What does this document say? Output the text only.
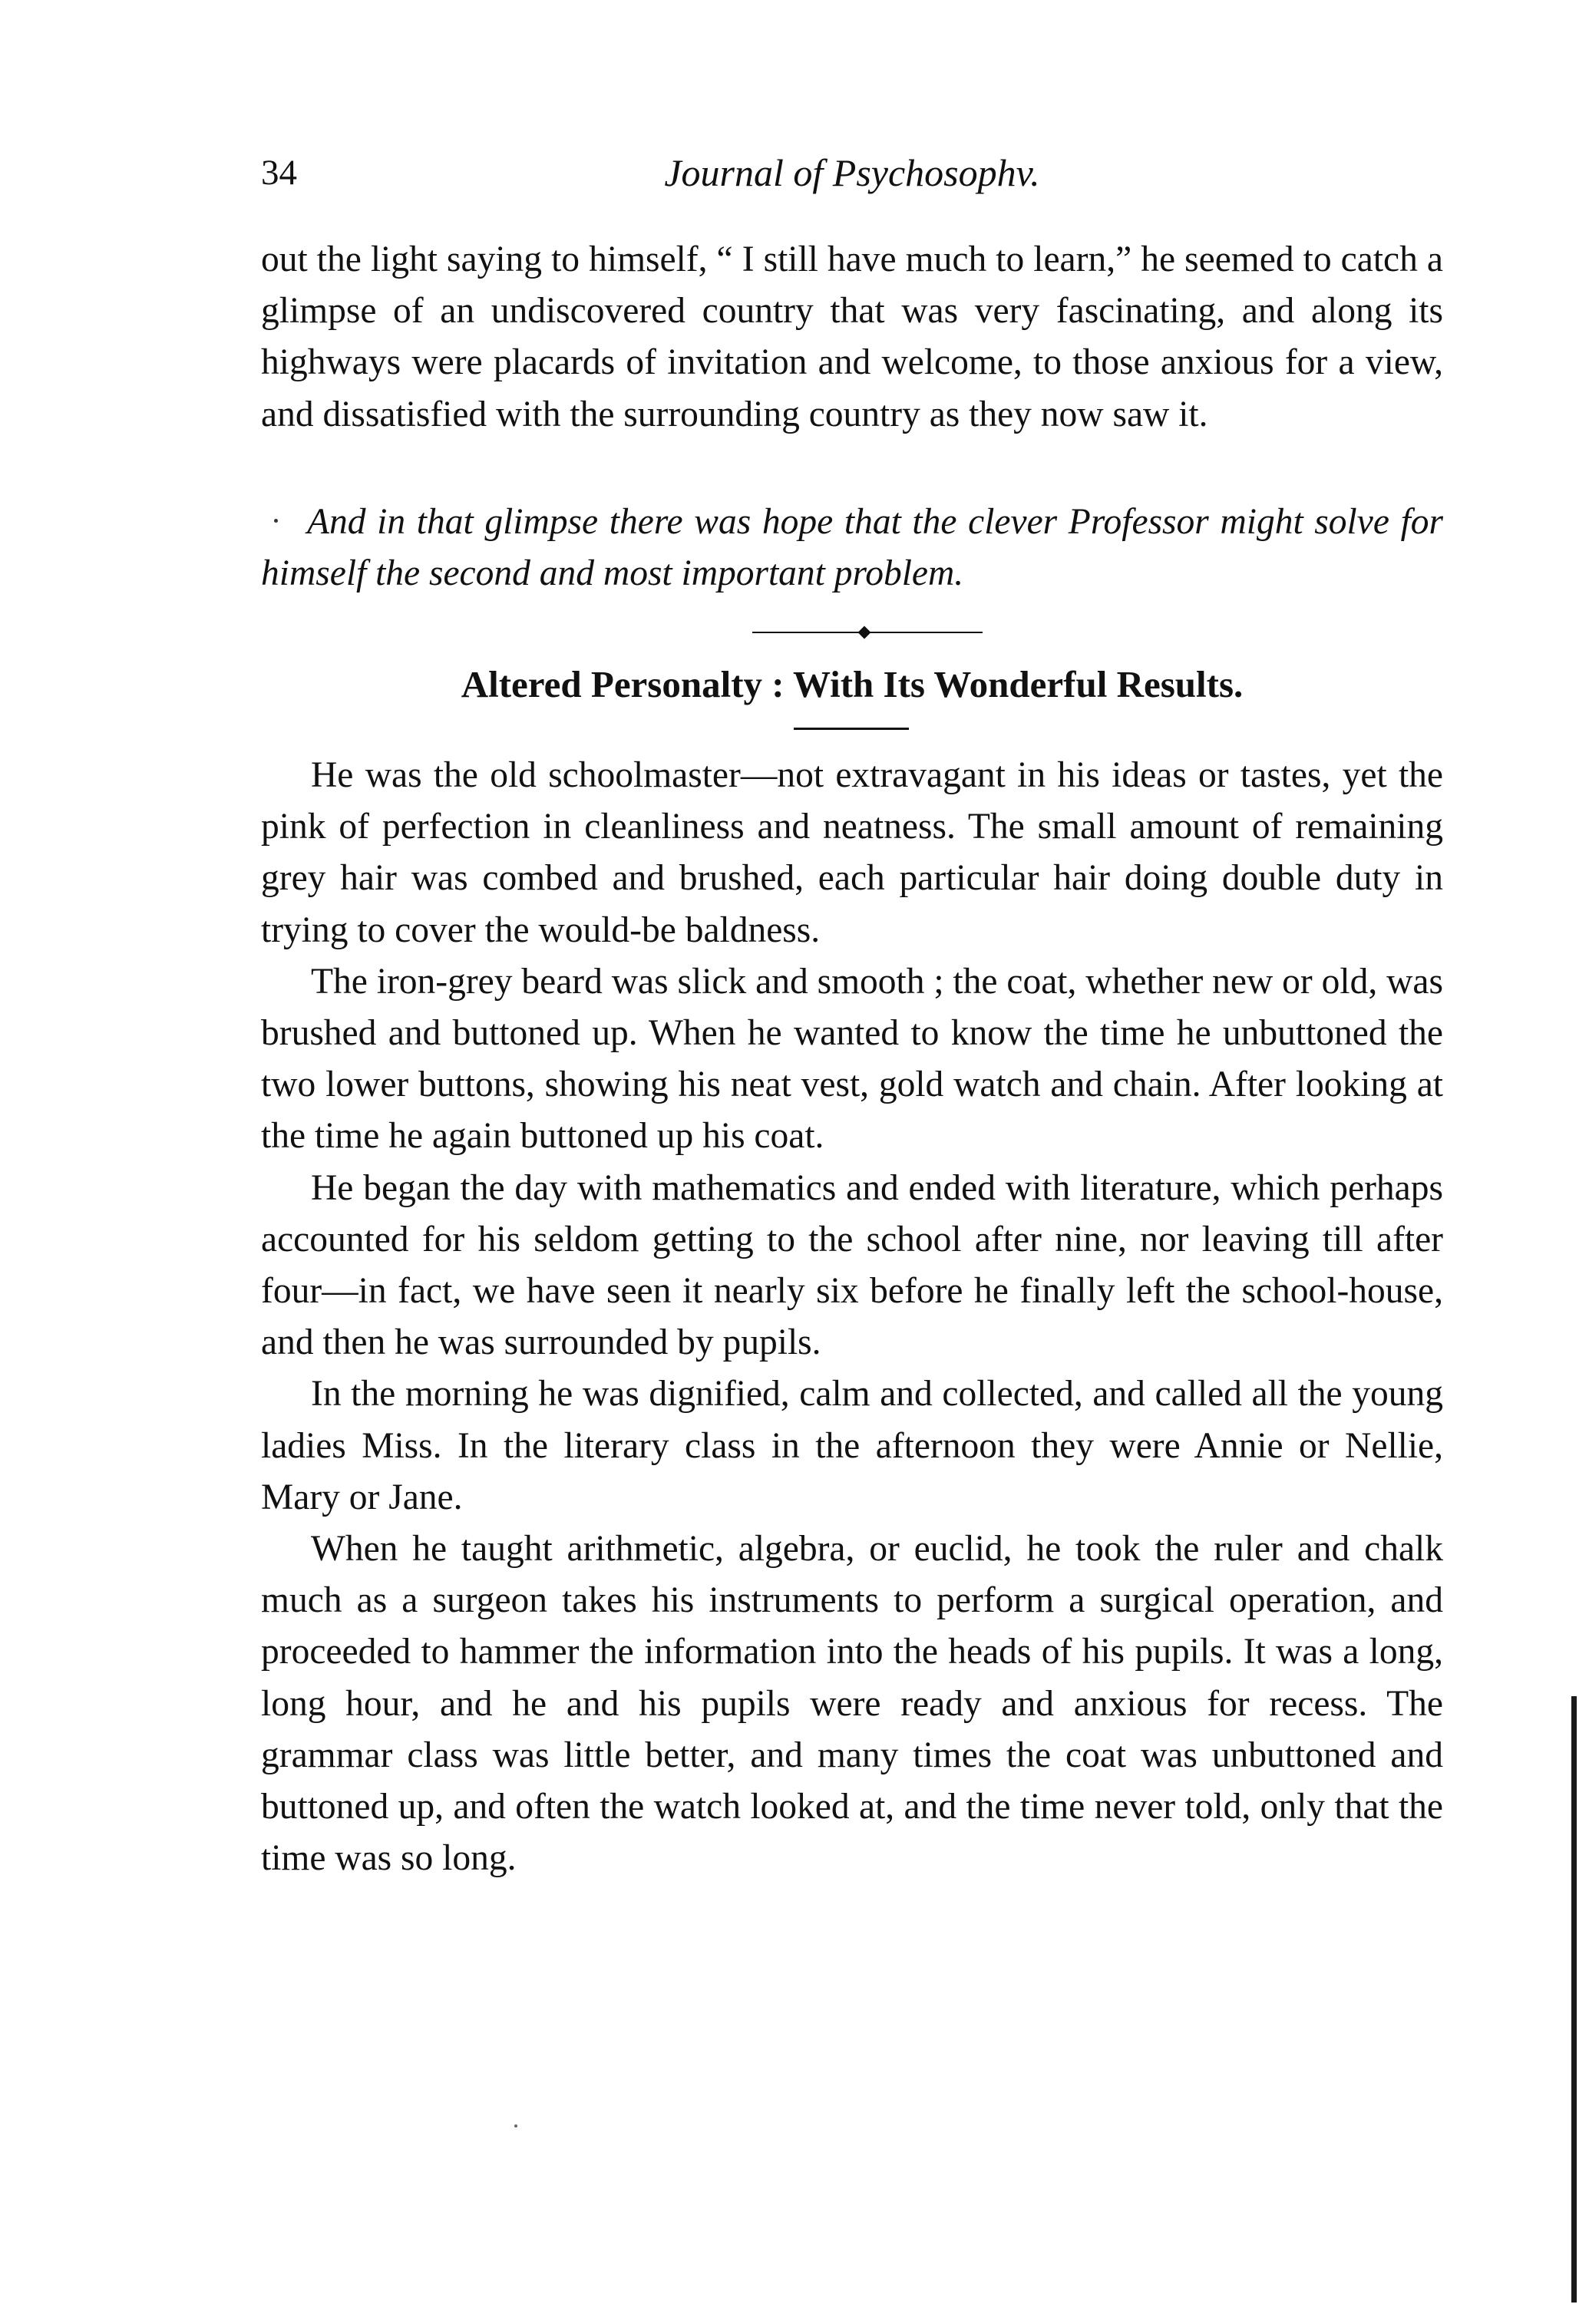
34	Journal of Psychosophv.

out the light saying to himself, “ I still have much to learn,” he seemed to catch a glimpse of an undiscovered country that was very fascinating, and along its highways were placards of invitation and welcome, to those anxious for a view, and dissatisfied with the surrounding country as they now saw it.

And in that glimpse there was hope that the clever Professor might solve for himself the second and most important problem.

Altered Personalty : With Its Wonderful Results.

He was the old schoolmaster—not extravagant in his ideas or tastes, yet the pink of perfection in cleanliness and neatness. The small amount of remaining grey hair was combed and brushed, each particular hair doing double duty in trying to cover the would-be baldness.

The iron-grey beard was slick and smooth ; the coat, whether new or old, was brushed and buttoned up. When he wanted to know the time he unbuttoned the two lower buttons, showing his neat vest, gold watch and chain. After looking at the time he again buttoned up his coat.

He began the day with mathematics and ended with literature, which perhaps accounted for his seldom getting to the school after nine, nor leaving till after four—in fact, we have seen it nearly six before he finally left the school-house, and then he was surrounded by pupils.

In the morning he was dignified, calm and collected, and called all the young ladies Miss. In the literary class in the afternoon they were Annie or Nellie, Mary or Jane.

When he taught arithmetic, algebra, or euclid, he took the ruler and chalk much as a surgeon takes his instruments to perform a surgical operation, and proceeded to hammer the information into the heads of his pupils. It was a long, long hour, and he and his pupils were ready and anxious for recess. The grammar class was little better, and many times the coat was unbuttoned and buttoned up, and often the watch looked at, and the time never told, only that the time was so long.
